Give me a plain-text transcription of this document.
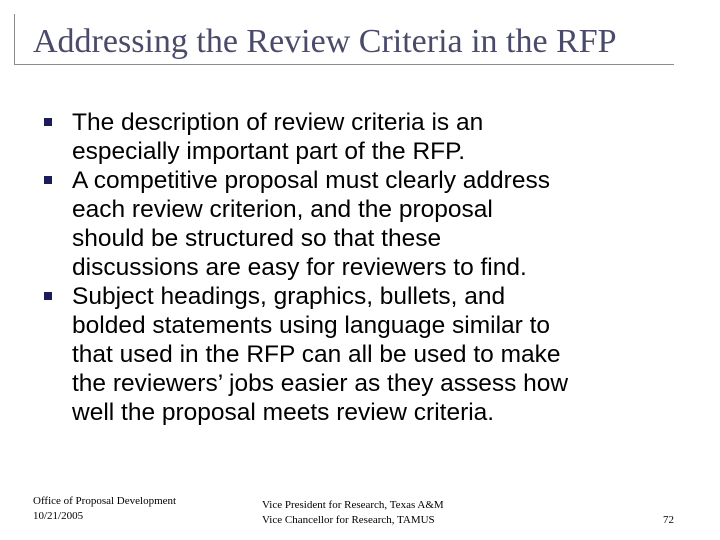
Addressing the Review Criteria in the RFP
The description of review criteria is an
especially important part of the RFP.
A competitive proposal must clearly address
each review criterion, and the proposal
should be structured so that these
discussions are easy for reviewers to find.
Subject headings, graphics, bullets, and
bolded statements using language similar to
that used in the RFP can all be used to make
the reviewers’ jobs easier as they assess how
well the proposal meets review criteria.
Office of Proposal Development
10/21/2005
Vice President for Research, Texas A&M
Vice Chancellor for Research, TAMUS	72
